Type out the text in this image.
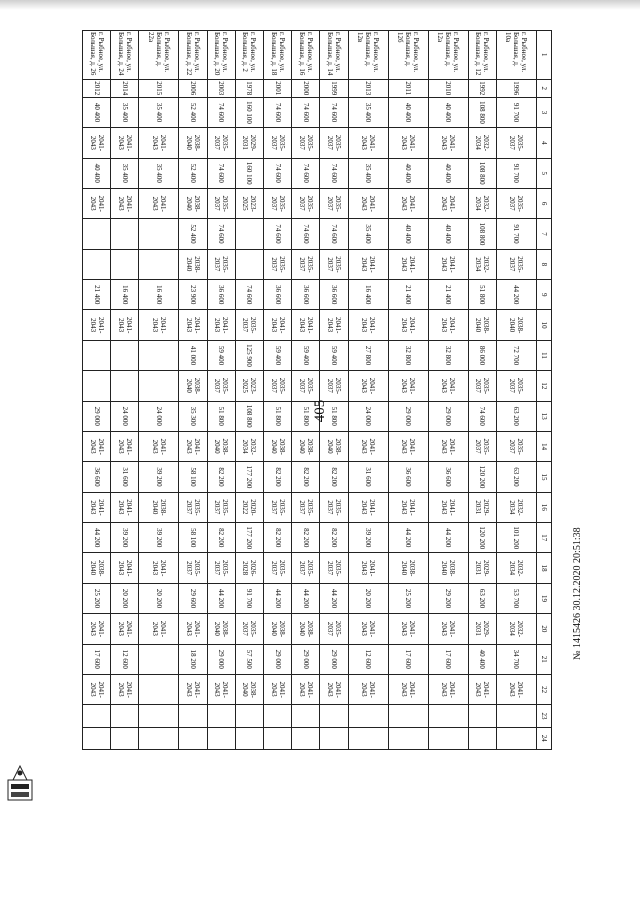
1	2	3	4	5	6	7	8	9	10	11	12	13	14	15	16	17	18	19	20	21	22	23	24
г. Рыбное, ул. Большая, д. 10а	1996	91 700	2035-2037	91 700	2035-2037	91 700	2035-2037	44 200	2038-2040	72 700	2035-2037	63 200	2035-2037	63 200	2032-2034	101 200	2032-2034	53 700	2032-2034	34 700	2041-2043		
г. Рыбное, ул. Большая, д. 12	1992	108 800	2032-2034	108 800	2032-2034	108 800	2032-2034	51 800	2038-2040	86 000	2035-2037	74 600	2035-2037	120 200	2029-2031	120 200	2029-2031	63 200	2029-2031	40 400	2041-2043		
г. Рыбное, ул. Большая, д. 12а	2010	40 400	2041-2043	40 400	2041-2043	40 400	2041-2043	21 400	2041-2043	32 800	2041-2043	29 000	2041-2043	36 600	2041-2043	44 200	2038-2040	29 200	2041-2043	17 600	2041-2043		
г. Рыбное, ул. Большая, д. 12б	2011	40 400	2041-2043	40 400	2041-2043	40 400	2041-2043	21 400	2041-2043	32 800	2041-2043	29 000	2041-2043	36 600	2041-2043	44 200	2038-2040	25 200	2041-2043	17 600	2041-2043		
г. Рыбное, ул. Большая, д. 12в	2013	35 400	2041-2043	35 400	2041-2043	35 400	2041-2043	16 400	2041-2043	27 800	2041-2043	24 000	2041-2043	31 600	2041-2043	39 200	2041-2043	20 200	2041-2043	12 600	2041-2043		
г. Рыбное, ул. Большая, д. 14	1999	74 600	2035-2037	74 600	2035-2037	74 600	2035-2037	36 600	2041-2043	59 400	2035-2037	51 800	2038-2040	82 200	2035-2037	82 200	2035-2037	44 200	2035-2037	29 000	2041-2043		
г. Рыбное, ул. Большая, д. 16	2000	74 600	2035-2037	74 600	2035-2037	74 600	2035-2037	36 600	2041-2043	59 400	2035-2037	51 800	2038-2040	82 200	2035-2037	82 200	2035-2037	44 200	2038-2040	29 000	2041-2043		
г. Рыбное, ул. Большая, д. 18	2001	74 600	2035-2037	74 600	2035-2037	74 600	2035-2037	36 600	2041-2043	59 400	2035-2037	51 800	2038-2040	82 200	2035-2037	82 200	2035-2037	44 200	2038-2040	29 000	2041-2043		
г. Рыбное, ул. Большая, д. 2	1978	160 100	2029-2031	160 100	2023-2025			74 600	2035-2037	125 900	2023-2025	108 800	2032-2034	177 200	2020-2022	177 200	2026-2028	91 700	2035-2037	57 500	2038-2040		
г. Рыбное, ул. Большая, д. 20	2003	74 600	2035-2037	74 600	2035-2037	74 600	2035-2037	36 600	2041-2043	59 400	2035-2037	51 800	2038-2040	82 200	2035-2037	82 200	2035-2037	44 200	2038-2040	29 000	2041-2043		
г. Рыбное, ул. Большая, д. 22	2006	52 400	2038-2040	52 400	2038-2040	52 400	2038-2040	23 900	2041-2043	41 000	2038-2040	35 300	2041-2043	58 100	2035-2037	58 100	2035-2037	29 600	2041-2043	18 200	2041-2043		
г. Рыбное, ул. Большая, д. 22а	2015	35 400	2041-2043	35 400	2041-2043			16 400	2041-2043			24 000	2041-2043	39 200	2038-2040	39 200	2041-2043	20 200	2041-2043				
г. Рыбное, ул. Большая, д. 24	2014	35 400	2041-2043	35 400	2041-2043			16 400	2041-2043			24 000	2041-2043	31 600	2041-2043	39 200	2041-2043	20 200	2041-2043	12 600	2041-2043		
г. Рыбное, ул. Большая, д. 26	2012	40 400	2041-2043	40 400	2041-2043			21 400	2041-2043			29 000	2041-2043	36 600	2041-2043	44 200	2038-2040	25 200	2041-2043	17 600	2041-2043		
405
№ 1415426 30.12.2020 20:51:38
